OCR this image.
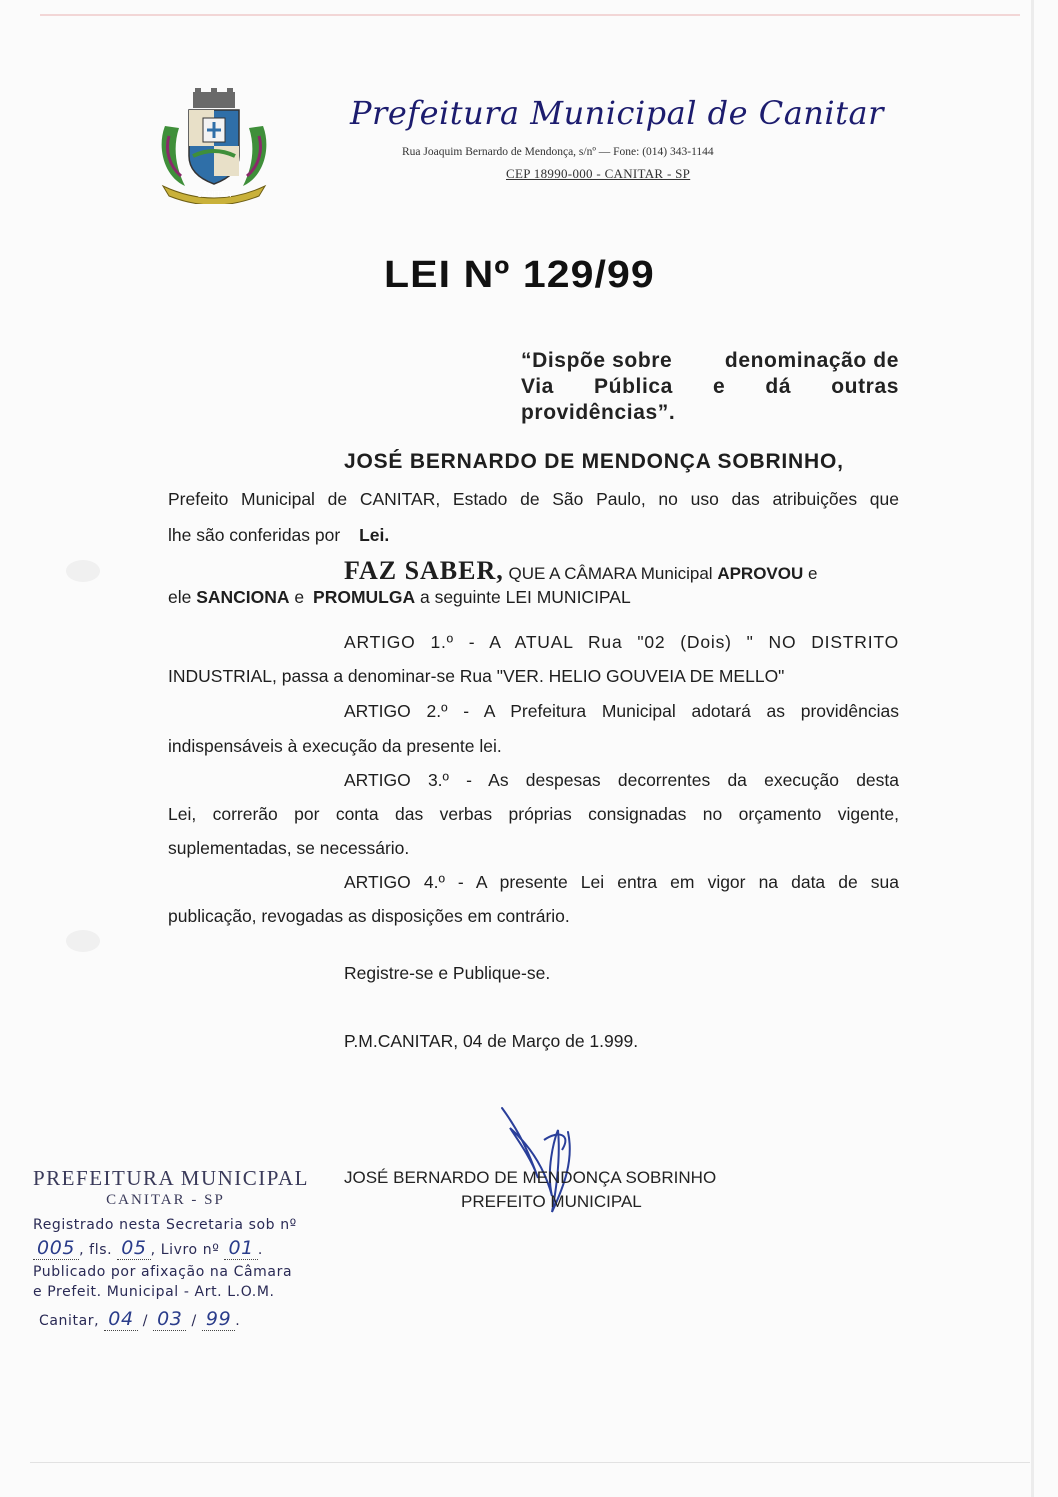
CANITAR
Prefeitura Municipal de Canitar
Rua Joaquim Bernardo de Mendonça, s/nº — Fone: (014) 343-1144
CEP 18990-000 - CANITAR - SP
LEI Nº 129/99
“Dispõe sobre	denominação de
Via Pública e dá outras
providências”.
JOSÉ BERNARDO DE MENDONÇA SOBRINHO,
Prefeito Municipal de CANITAR, Estado de São Paulo, no uso das atribuições que
lhe são conferidas por Lei.
FAZ SABER, QUE A CÂMARA Municipal APROVOU e
ele SANCIONA e PROMULGA a seguinte LEI MUNICIPAL
ARTIGO 1.º - A ATUAL Rua "02 (Dois) " NO DISTRITO
INDUSTRIAL, passa a denominar-se Rua "VER. HELIO GOUVEIA DE MELLO"
ARTIGO 2.º - A Prefeitura Municipal adotará as providências
indispensáveis à execução da presente lei.
ARTIGO 3.º - As despesas decorrentes da execução desta
Lei, correrão por conta das verbas próprias consignadas no orçamento vigente,
suplementadas, se necessário.
ARTIGO 4.º - A presente Lei entra em vigor na data de sua
publicação, revogadas as disposições em contrário.
Registre-se e Publique-se.
P.M.CANITAR, 04 de Março de 1.999.
JOSÉ BERNARDO DE MENDONÇA SOBRINHO
PREFEITO MUNICIPAL
PREFEITURA MUNICIPAL
CANITAR - SP
Registrado nesta Secretaria sob nº
005 , fls. 05 , Livro nº 01 .
Publicado por afixação na Câmara
e Prefeit. Municipal - Art. L.O.M.
Canitar, 04 / 03 / 99 .
